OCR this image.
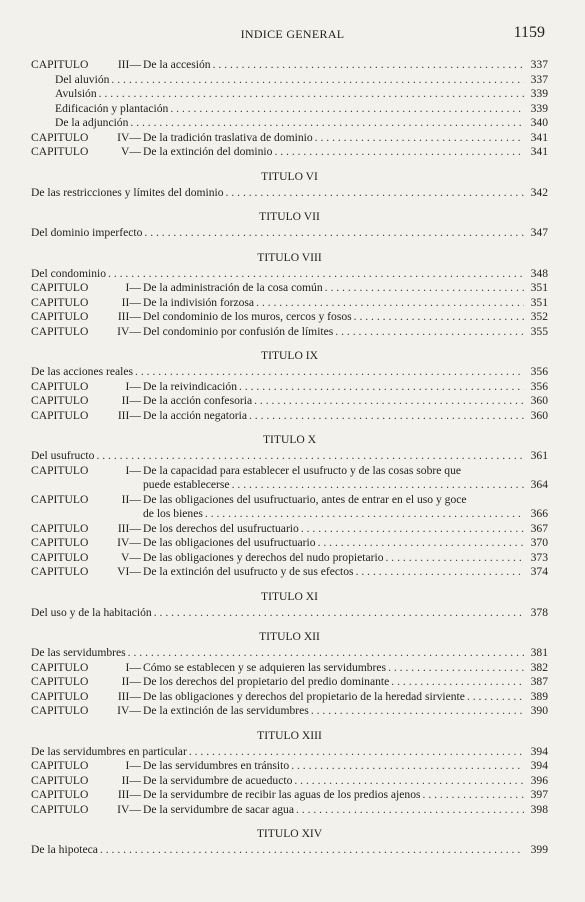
INDICE GENERAL	1159
CAPITULO	III— De la accesión . . .	337
Del aluvión . . .	337
Avulsión . . .	339
Edificación y plantación . . .	339
De la adjunción . . .	340
CAPITULO IV— De la tradición traslativa de dominio . . .	341
CAPITULO	V— De la extinción del dominio . . .	341
TITULO VI
De las restricciones y límites del dominio . . .	342
TITULO VII
Del dominio imperfecto . . .	347
TITULO VIII
Del condominio . . .	348
CAPITULO	I— De la administración de la cosa común . . .	351
CAPITULO	II— De la indivisión forzosa . . .	351
CAPITULO	III— Del condominio de los muros, cercos y fosos . . .	352
CAPITULO IV— Del condominio por confusión de límites . . .	355
TITULO IX
De las acciones reales . . .	356
CAPITULO	I— De la reivindicación . . .	356
CAPITULO	II— De la acción confesoria . . .	360
CAPITULO	III— De la acción negatoria . . .	360
TITULO X
Del usufructo . . .	361
CAPITULO	I— De la capacidad para establecer el usufructo y de las cosas sobre que
puede establecerse . . .	364
CAPITULO	II— De las obligaciones del usufructuario, antes de entrar en el uso y goce
de los bienes . . .	366
CAPITULO	III— De los derechos del usufructuario . . .	367
CAPITULO IV— De las obligaciones del usufructuario . . .	370
CAPITULO	V— De las obligaciones y derechos del nudo propietario . . .	373
CAPITULO VI— De la extinción del usufructo y de sus efectos . . .	374
TITULO XI
Del uso y de la habitación . . .	378
TITULO XII
De las servidumbres . . .	381
CAPITULO	I— Cómo se establecen y se adquieren las servidumbres . . .	382
CAPITULO	II— De los derechos del propietario del predio dominante . . .	387
CAPITULO	III— De las obligaciones y derechos del propietario de la heredad sirviente . . .	389
CAPITULO IV— De la extinción de las servidumbres . . .	390
TITULO XIII
De las servidumbres en particular . . .	394
CAPITULO	I— De las servidumbres en tránsito . . .	394
CAPITULO	II— De la servidumbre de acueducto . . .	396
CAPITULO	III— De la servidumbre de recibir las aguas de los predios ajenos . . .	397
CAPITULO IV— De la servidumbre de sacar agua . . .	398
TITULO XIV
De la hipoteca . . .	399
